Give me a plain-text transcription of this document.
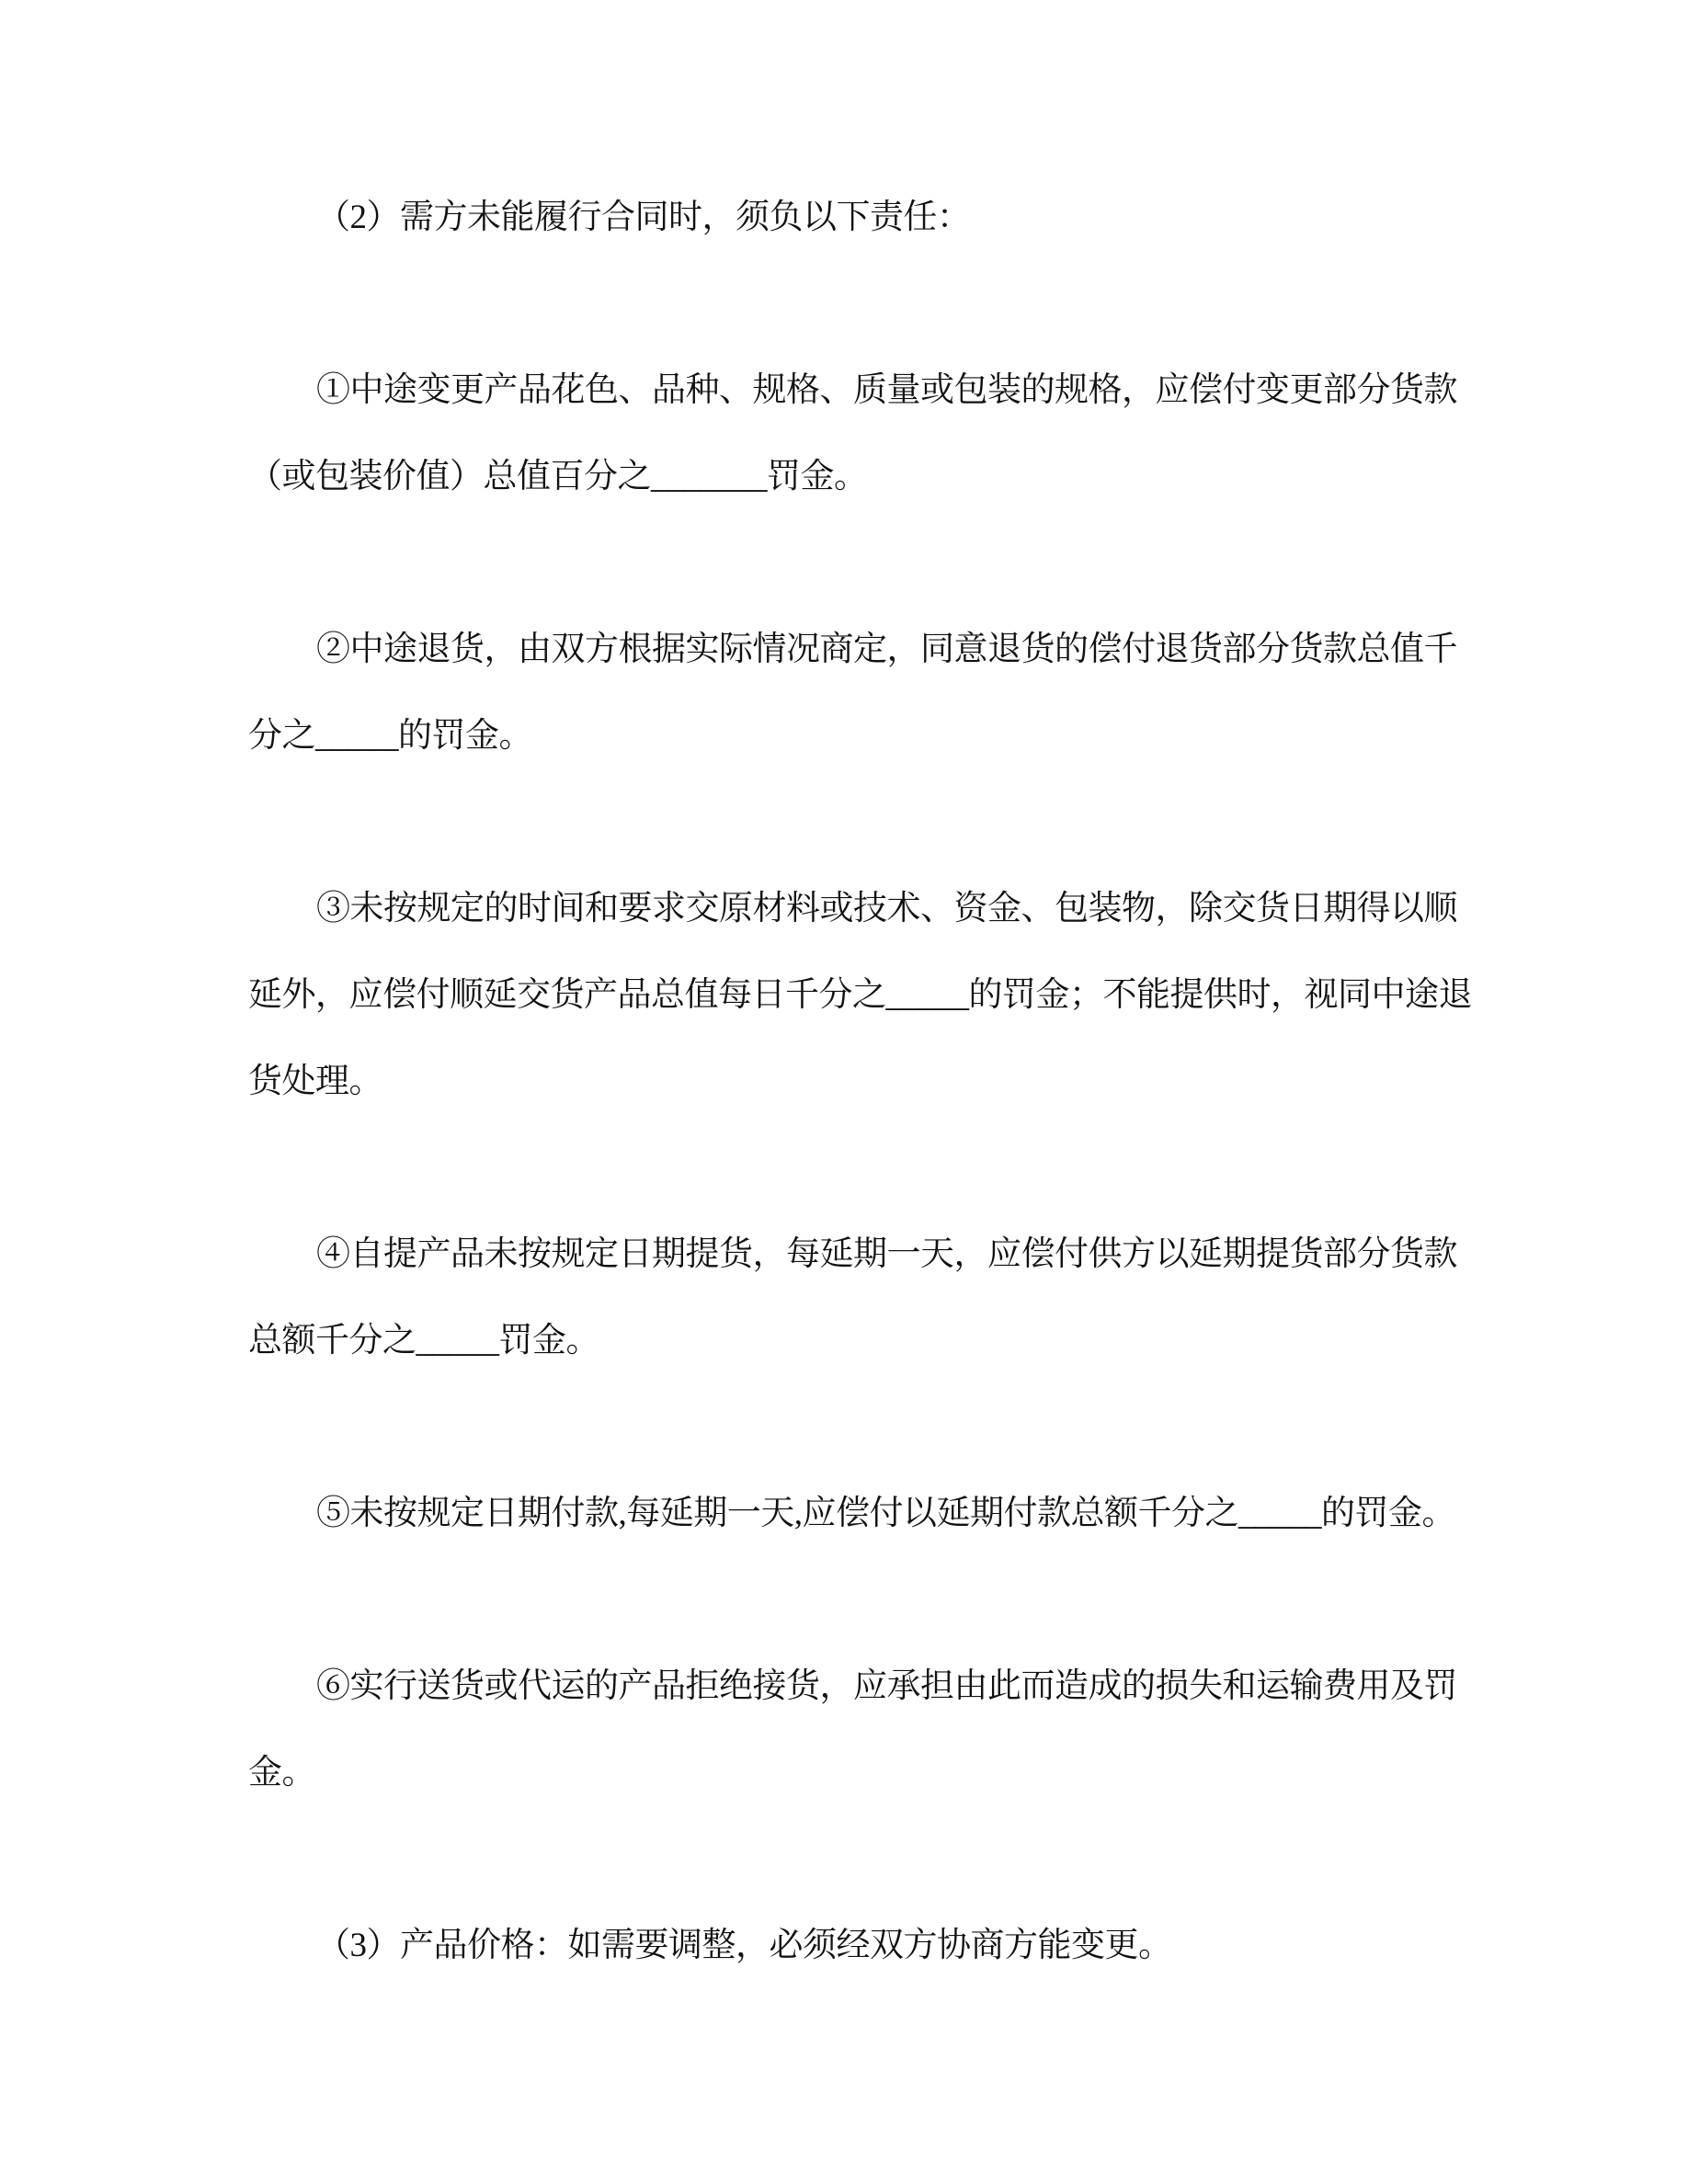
（2）需方未能履行合同时，须负以下责任：
①中途变更产品花色、品种、规格、质量或包装的规格，应偿付变更部分货款
（或包装价值）总值百分之_______罚金。
②中途退货，由双方根据实际情况商定，同意退货的偿付退货部分货款总值千
分之_____的罚金。
③未按规定的时间和要求交原材料或技术、资金、包装物，除交货日期得以顺
延外，应偿付顺延交货产品总值每日千分之_____的罚金；不能提供时，视同中途退
货处理。
④自提产品未按规定日期提货，每延期一天，应偿付供方以延期提货部分货款
总额千分之_____罚金。
⑤未按规定日期付款,每延期一天,应偿付以延期付款总额千分之_____的罚金。
⑥实行送货或代运的产品拒绝接货，应承担由此而造成的损失和运输费用及罚
金。
（3）产品价格：如需要调整，必须经双方协商方能变更。
